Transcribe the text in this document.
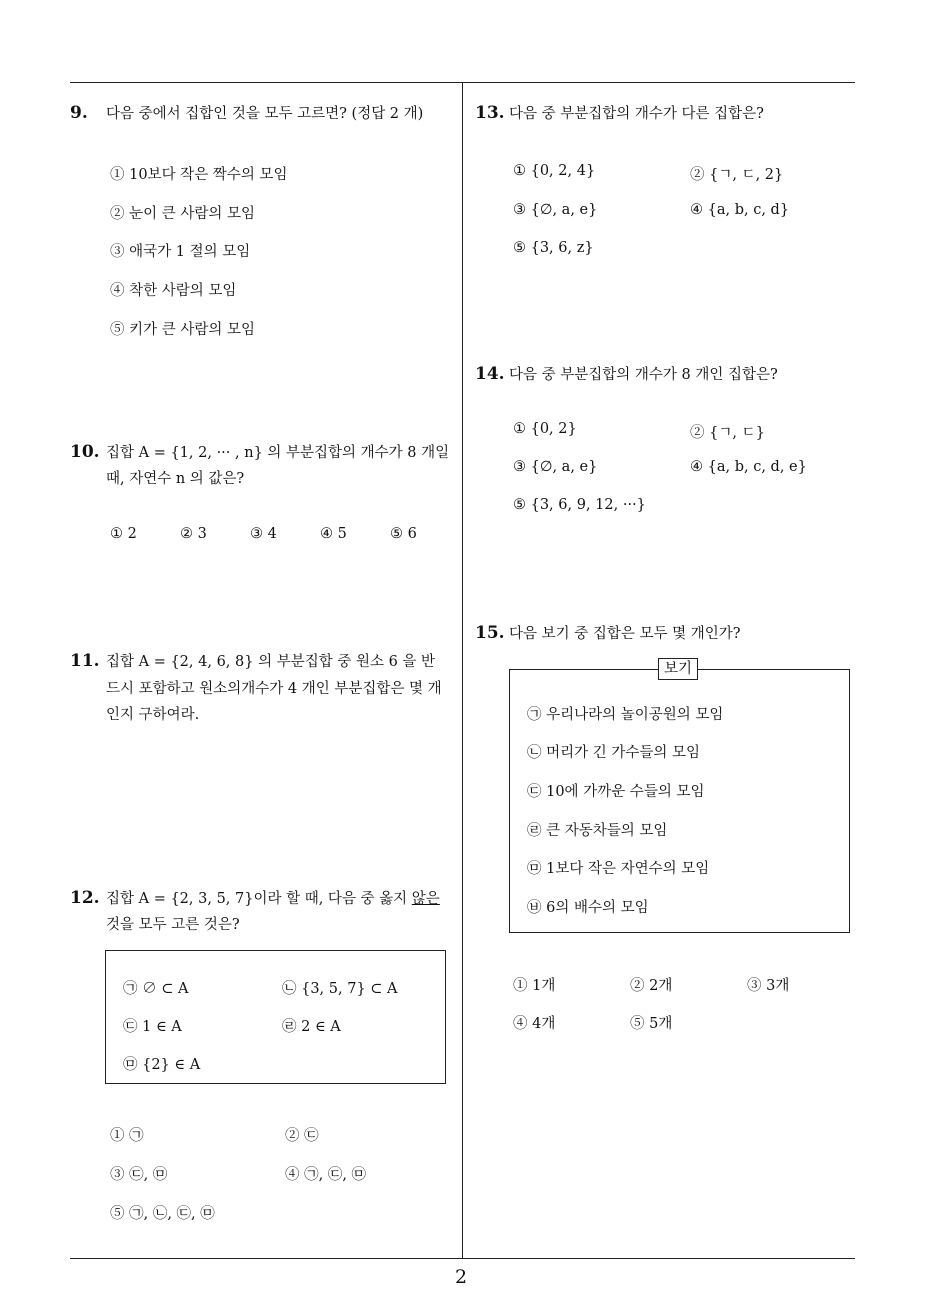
2
9. 다음 중에서 집합인 것을 모두 고르면? (정답 2 개)
① 10보다 작은 짝수의 모임
② 눈이 큰 사람의 모임
③ 애국가 1 절의 모임
④ 착한 사람의 모임
⑤ 키가 큰 사람의 모임
10. 집합 A = {1, 2, ··· , n} 의 부분집합의 개수가 8 개일
때, 자연수 n 의 값은?
① 2	② 3	③ 4	④ 5	⑤ 6
11. 집합 A = {2, 4, 6, 8} 의 부분집합 중 원소 6 을 반
드시 포함하고 원소의개수가 4 개인 부분집합은 몇 개
인지 구하여라.
12. 집합 A = {2, 3, 5, 7}이라 할 때, 다음 중 옳지 않은
것을 모두 고른 것은?
㉠ ∅ ⊂ A	㉡ {3, 5, 7} ⊂ A
㉢ 1 ∈ A	㉣ 2 ∈ A
㉤ {2} ∈ A
① ㉠	② ㉢
③ ㉢, ㉤	④ ㉠, ㉢, ㉤
⑤ ㉠, ㉡, ㉢, ㉤
13. 다음 중 부분집합의 개수가 다른 집합은?
① {0, 2, 4}	② {ㄱ, ㄷ, 2}
③ {∅, a, e}	④ {a, b, c, d}
⑤ {3, 6, z}
14. 다음 중 부분집합의 개수가 8 개인 집합은?
① {0, 2}	② {ㄱ, ㄷ}
③ {∅, a, e}	④ {a, b, c, d, e}
⑤ {3, 6, 9, 12, ···}
15. 다음 보기 중 집합은 모두 몇 개인가?
보기
㉠ 우리나라의 놀이공원의 모임
㉡ 머리가 긴 가수들의 모임
㉢ 10에 가까운 수들의 모임
㉣ 큰 자동차들의 모임
㉤ 1보다 작은 자연수의 모임
㉥ 6의 배수의 모임
① 1개	② 2개	③ 3개
④ 4개	⑤ 5개
